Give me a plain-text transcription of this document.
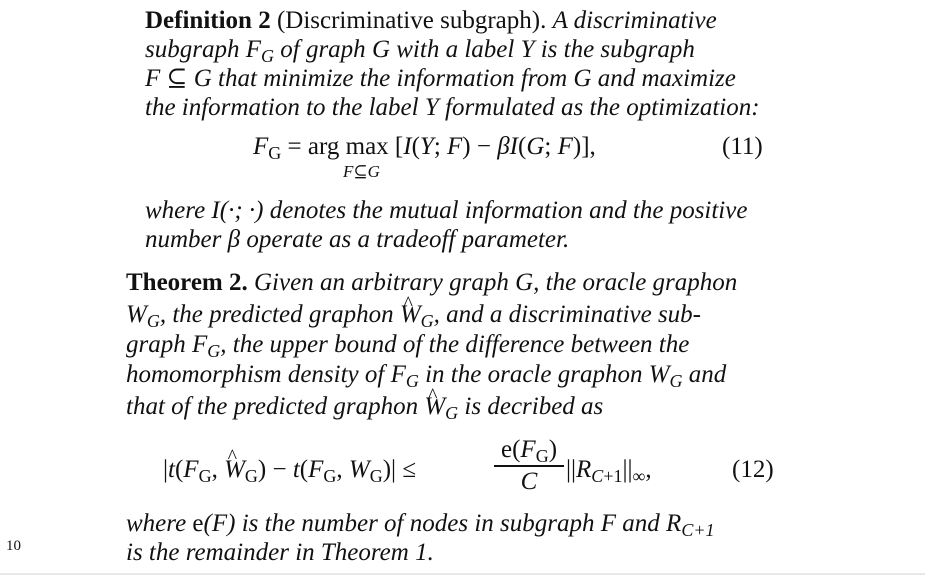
Definition 2 (Discriminative subgraph). A discriminative
subgraph $F_G$ of graph G with a label Y is the subgraph
F ⊆ G that minimize the information from G and maximize
the information to the label Y formulated as the optimization:
$F_G$ = arg max [I(Y; F) − βI(G; F)],
F⊆G
(11)
where I(·; ·) denotes the mutual information and the positive
number β operate as a tradeoff parameter.
Theorem 2. Given an arbitrary graph G, the oracle graphon
$W_G$, the predicted graphon ^ $W_G$, and a discriminative sub-
graph $F_G$, the upper bound of the difference between the
homomorphism density of $F_G$ in the oracle graphon $W_G$ and
that of the predicted graphon ^ $W_G$ is decribed as
$|t(F_G$, ^ $W_G) - t(F_G$, $W_G)|$ ≤
$e(F_G)$
C	$||R_{C+1}||_\infty$,	(12)
where e(F) is the number of nodes in subgraph F and $R_{C+1}$
is the remainder in Theorem 1.
10
